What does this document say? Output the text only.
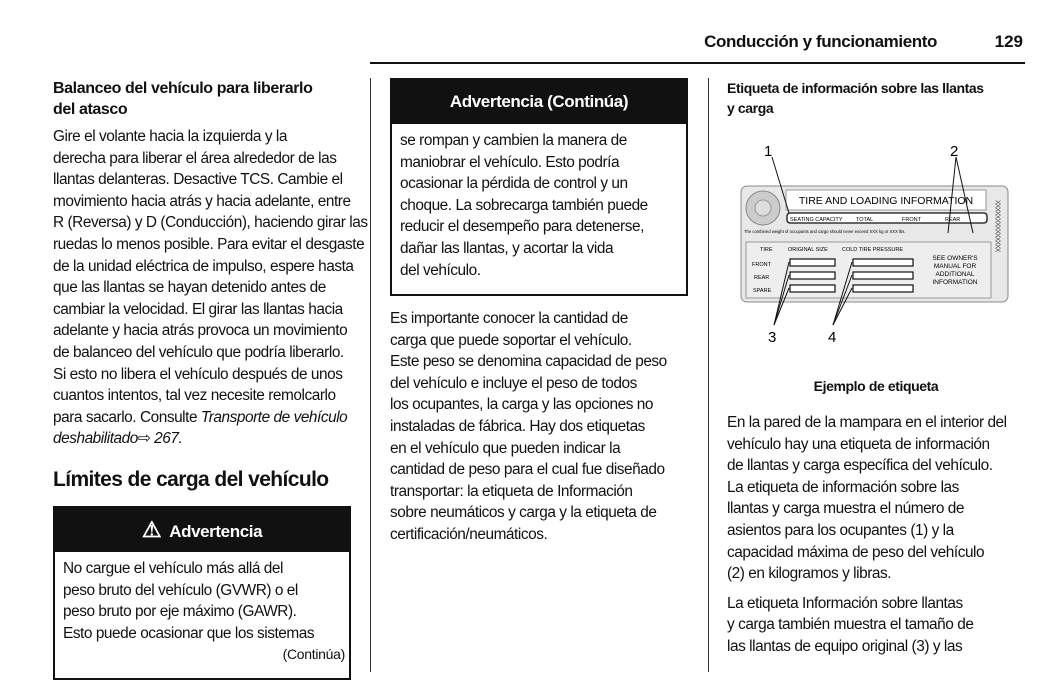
Conducción y funcionamiento	129
Balanceo del vehículo para liberarlo
del atasco
Gire el volante hacia la izquierda y la
derecha para liberar el área alrededor de las
llantas delanteras. Desactive TCS. Cambie el
movimiento hacia atrás y hacia adelante, entre
R (Reversa) y D (Conducción), haciendo girar las
ruedas lo menos posible. Para evitar el desgaste
de la unidad eléctrica de impulso, espere hasta
que las llantas se hayan detenido antes de
cambiar la velocidad. El girar las llantas hacia
adelante y hacia atrás provoca un movimiento
de balanceo del vehículo que podría liberarlo.
Si esto no libera el vehículo después de unos
cuantos intentos, tal vez necesite remolcarlo
para sacarlo. Consulte Transporte de vehículo
deshabilitado⇨ 267.
Límites de carga del vehículo
⚠ Advertencia
No cargue el vehículo más allá del
peso bruto del vehículo (GVWR) o el
peso bruto por eje máximo (GAWR).
Esto puede ocasionar que los sistemas
(Continúa)
Advertencia (Continúa)
se rompan y cambien la manera de
maniobrar el vehículo. Esto podría
ocasionar la pérdida de control y un
choque. La sobrecarga también puede
reducir el desempeño para detenerse,
dañar las llantas, y acortar la vida
del vehículo.
Es importante conocer la cantidad de
carga que puede soportar el vehículo.
Este peso se denomina capacidad de peso
del vehículo e incluye el peso de todos
los ocupantes, la carga y las opciones no
instaladas de fábrica. Hay dos etiquetas
en el vehículo que pueden indicar la
cantidad de peso para el cual fue diseñado
transportar: la etiqueta de Información
sobre neumáticos y carga y la etiqueta de
certificación/neumáticos.
Etiqueta de información sobre las llantas
y carga
TIRE AND LOADING INFORMATION
SEATING CAPACITY TOTAL	FRONT	REAR
The combined weight of occupants and cargo should never exceed XXX kg or XXX lbs.
TIRE	ORIGINAL SIZE	COLD TIRE PRESSURE
FRONT
REAR
SPARE
SEE OWNER'S
MANUAL FOR
ADDITIONAL
INFORMATION
XXXXXXXXXXXXXX
1	2
3	4
Ejemplo de etiqueta
En la pared de la mampara en el interior del
vehículo hay una etiqueta de información
de llantas y carga específica del vehículo.
La etiqueta de información sobre las
llantas y carga muestra el número de
asientos para los ocupantes (1) y la
capacidad máxima de peso del vehículo
(2) en kilogramos y libras.
La etiqueta Información sobre llantas
y carga también muestra el tamaño de
las llantas de equipo original (3) y las
